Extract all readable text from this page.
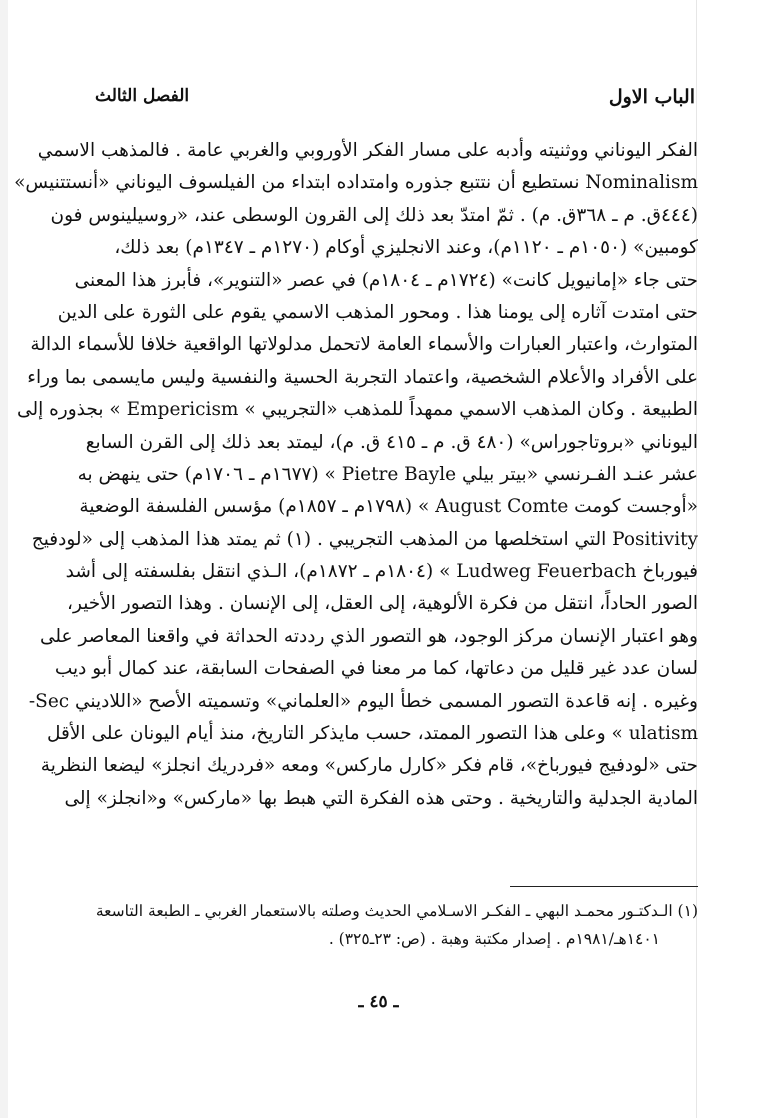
الباب الاول
الفصل الثالث
الفكر اليوناني ووثنيته وأدبه على مسار الفكر الأوروبي والغربي عامة . فالمذهب الاسمي
Nominalism نستطيع أن نتتبع جذوره وامتداده ابتداء من الفيلسوف اليوناني «أنستتنيس»
(٤٤٤ق. م ـ ٣٦٨ق. م) . ثمّ امتدّ بعد ذلك إلى القرون الوسطى عند، «روسيلينوس فون
كومبين» (١٠٥٠م ـ ١١٢٠م)، وعند الانجليزي أوكام (١٢٧٠م ـ ١٣٤٧م) بعد ذلك،
حتى جاء «إمانيويل كانت» (١٧٢٤م ـ ١٨٠٤م) في عصر «التنوير»، فأبرز هذا المعنى
حتى امتدت آثاره إلى يومنا هذا . ومحور المذهب الاسمي يقوم على الثورة على الدين
المتوارث، واعتبار العبارات والأسماء العامة لاتحمل مدلولاتها الواقعية خلافا للأسماء الدالة
على الأفراد والأعلام الشخصية، واعتماد التجربة الحسية والنفسية وليس مايسمى بما وراء
الطبيعة . وكان المذهب الاسمي ممهداً للمذهب «التجريبي » Empericism » بجذوره إلى
اليوناني «بروتاجوراس» (٤٨٠ ق. م ـ ٤١٥ ق. م)، ليمتد بعد ذلك إلى القرن السابع
عشر عنـد الفـرنسي «بيتر بيلي Pietre Bayle » (١٦٧٧م ـ ١٧٠٦م) حتى ينهض به
«أوجست كومت August Comte » (١٧٩٨م ـ ١٨٥٧م) مؤسس الفلسفة الوضعية
Positivity التي استخلصها من المذهب التجريبي . (١) ثم يمتد هذا المذهب إلى «لودفيج
فيورباخ Ludweg Feuerbach » (١٨٠٤م ـ ١٨٧٢م)، الـذي انتقل بفلسفته إلى أشد
الصور الحاداً، انتقل من فكرة الألوهية، إلى العقل، إلى الإنسان . وهذا التصور الأخير،
وهو اعتبار الإنسان مركز الوجود، هو التصور الذي رددته الحداثة في واقعنا المعاصر على
لسان عدد غير قليل من دعاتها، كما مر معنا في الصفحات السابقة، عند كمال أبو ديب
وغيره . إنه قاعدة التصور المسمى خطأ اليوم «العلماني» وتسميته الأصح «اللاديني Sec-
ulatism » وعلى هذا التصور الممتد، حسب مايذكر التاريخ، منذ أيام اليونان على الأقل
حتى «لودفيج فيورباخ»، قام فكر «كارل ماركس» ومعه «فردريك انجلز» ليضعا النظرية
المادية الجدلية والتاريخية . وحتى هذه الفكرة التي هبط بها «ماركس» و«انجلز» إلى
(١) الـدكتـور محمـد البهي ـ الفكـر الاسـلامي الحديث وصلته بالاستعمار الغربي ـ الطبعة التاسعة
١٤٠١هـ/١٩٨١م . إصدار مكتبة وهبة . (ص: ٢٣ـ٣٢٥) .
ـ ٤٥ ـ
